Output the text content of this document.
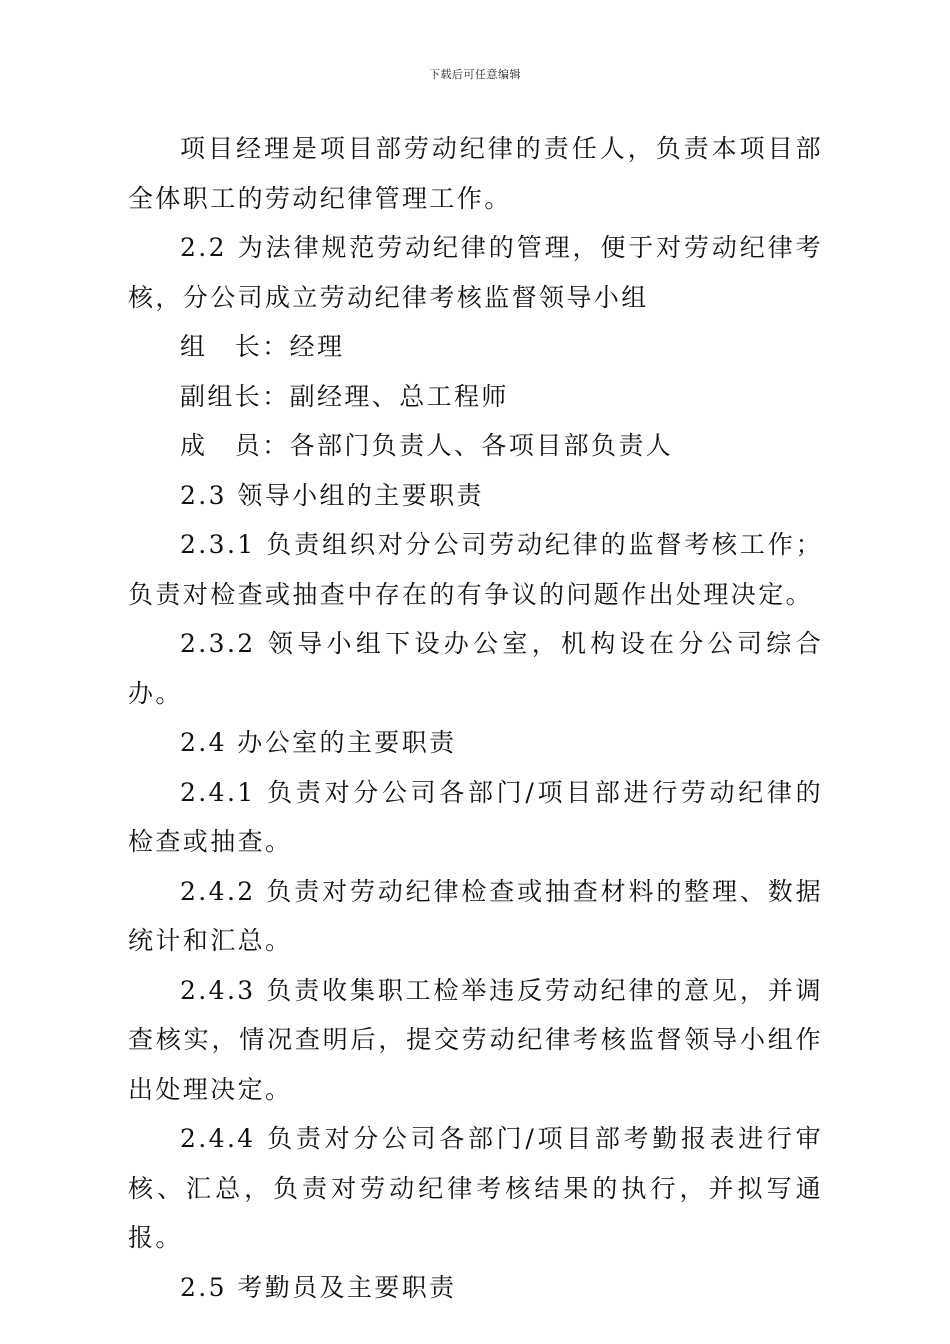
下载后可任意编辑

项目经理是项目部劳动纪律的责任人，负责本项目部全体职工的劳动纪律管理工作。

2.2 为法律规范劳动纪律的管理，便于对劳动纪律考核，分公司成立劳动纪律考核监督领导小组

组　长：经理

副组长：副经理、总工程师

成　员：各部门负责人、各项目部负责人

2.3 领导小组的主要职责

2.3.1 负责组织对分公司劳动纪律的监督考核工作；负责对检查或抽查中存在的有争议的问题作出处理决定。

2.3.2 领导小组下设办公室，机构设在分公司综合办。

2.4 办公室的主要职责

2.4.1 负责对分公司各部门/项目部进行劳动纪律的检查或抽查。

2.4.2 负责对劳动纪律检查或抽查材料的整理、数据统计和汇总。

2.4.3 负责收集职工检举违反劳动纪律的意见，并调查核实，情况查明后，提交劳动纪律考核监督领导小组作出处理决定。

2.4.4 负责对分公司各部门/项目部考勤报表进行审核、汇总，负责对劳动纪律考核结果的执行，并拟写通报。

2.5 考勤员及主要职责
